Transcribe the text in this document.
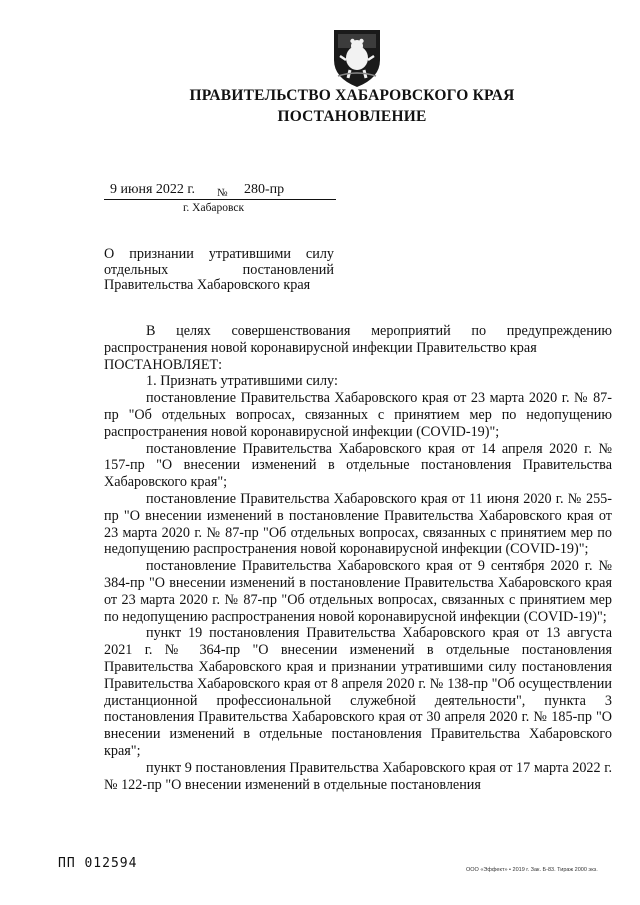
ПРАВИТЕЛЬСТВО ХАБАРОВСКОГО КРАЯ
ПОСТАНОВЛЕНИЕ
9 июня 2022 г. № 280-пр
г. Хабаровск
О признании утратившими силу
отдельных постановлений
Правительства Хабаровского края

В целях совершенствования мероприятий по предупреждению распространения новой коронавирусной инфекции Правительство края

ПОСТАНОВЛЯЕТ:

1. Признать утратившими силу:

постановление Правительства Хабаровского края от 23 марта 2020 г. № 87-пр "Об отдельных вопросах, связанных с принятием мер по недопущению распространения новой коронавирусной инфекции (COVID-19)";

постановление Правительства Хабаровского края от 14 апреля 2020 г. № 157-пр "О внесении изменений в отдельные постановления Правительства Хабаровского края";

постановление Правительства Хабаровского края от 11 июня 2020 г. № 255-пр "О внесении изменений в постановление Правительства Хабаровского края от 23 марта 2020 г. № 87-пр "Об отдельных вопросах, связанных с принятием мер по недопущению распространения новой коронавирусной инфекции (COVID-19)";

постановление Правительства Хабаровского края от 9 сентября 2020 г. № 384-пр "О внесении изменений в постановление Правительства Хабаровского края от 23 марта 2020 г. № 87-пр "Об отдельных вопросах, связанных с принятием мер по недопущению распространения новой коронавирусной инфекции (COVID-19)";

пункт 19 постановления Правительства Хабаровского края от 13 августа 2021 г. № 364-пр "О внесении изменений в отдельные постановления Правительства Хабаровского края и признании утратившими силу постановления Правительства Хабаровского края от 8 апреля 2020 г. № 138-пр "Об осуществлении дистанционной профессиональной служебной деятельности", пункта 3 постановления Правительства Хабаровского края от 30 апреля 2020 г. № 185-пр "О внесении изменений в отдельные постановления Правительства Хабаровского края";

пункт 9 постановления Правительства Хабаровского края от 17 марта 2022 г. № 122-пр "О внесении изменений в отдельные постановления

ПП 012594	ООО «Эффект» • 2019 г. Зак. Б-83. Тираж 2000 экз.
